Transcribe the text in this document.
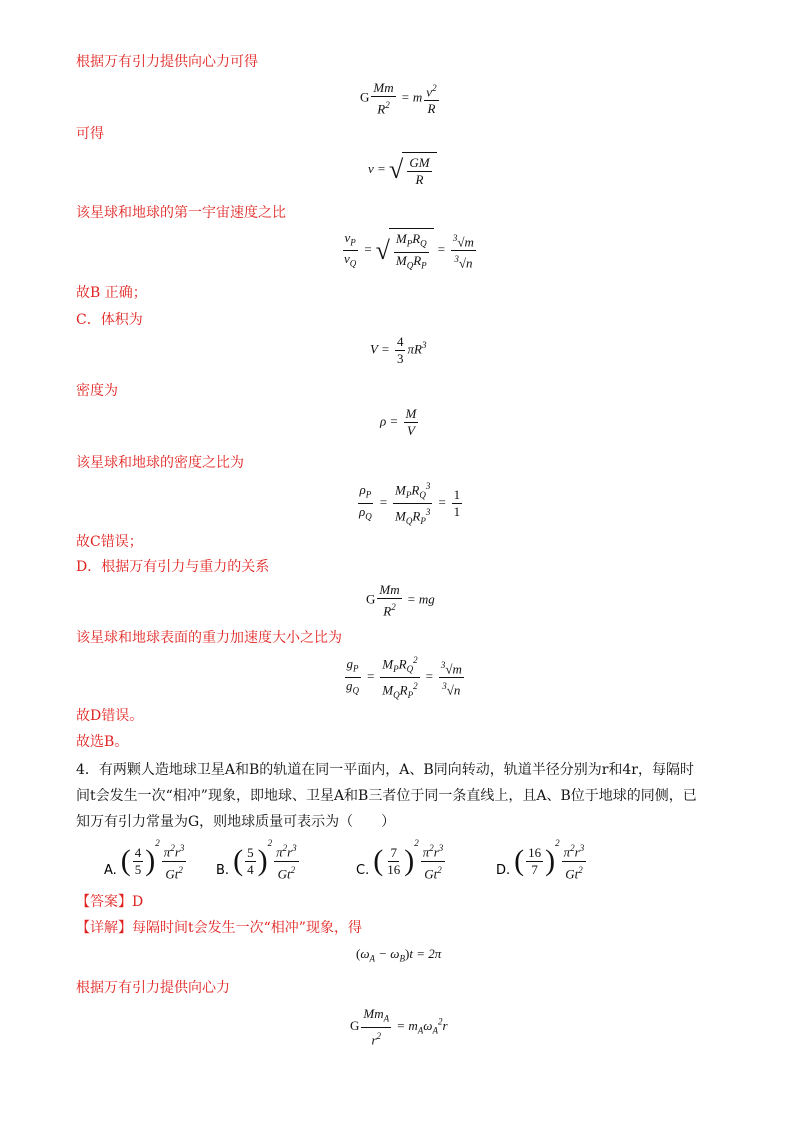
根据万有引力提供向心力可得
G $\frac{Mm}{R^2} = m \frac{v^2}{R}$
可得
v = √ $\frac{GM}{R}$
该星球和地球的第一宇宙速度之比
$\frac{v_P}{v_Q}$ = √ $\frac{M_PR_Q}{M_QR_P} = \frac{^3√m}{^3√n}$
故B 正确；
C．体积为
$V = \frac{4}{3} \pi R^3$
密度为
$\rho = \frac{M}{V}$
该星球和地球的密度之比为
$\frac{\rho_P}{\rho_Q} = \frac{M_PR_Q^3}{M_QR_P^3} = \frac{1}{1}$
故C错误；
D．根据万有引力与重力的关系
G $\frac{Mm}{R^2}$ = mg
该星球和地球表面的重力加速度大小之比为
$\frac{g_P}{g_Q} = \frac{M_PR_Q^2}{M_QR_P^2} = \frac{^3√m}{^3√n}$
故D错误。
故选B。
4．有两颗人造地球卫星A和B的轨道在同一平面内，A、B同向转动，轨道半径分别为r和4r，每隔时
间t会发生一次“相冲”现象，即地球、卫星A和B三者位于同一条直线上，且A、B位于地球的同侧，已
知万有引力常量为G，则地球质量可表示为（　　）
A. ( $\frac{4}{5} )^2 \frac{\pi^2r^3}{Gt^2} B$. ( $\frac{5}{4} )^2 \frac{\pi^2r^3}{Gt^2}$	C. ( $\frac{7}{16} )^2 \frac{\pi^2r^3}{Gt^2}$	D. ( $\frac{16}{7} )^2 \frac{\pi^2r^3}{Gt^2}$
【答案】D
【详解】每隔时间t会发生一次“相冲”现象，得
$(\omega_A - \omega_B)t = 2\pi$
根据万有引力提供向心力
G $\frac{Mm_A}{r^2} = m_A\omega_A^2r$
